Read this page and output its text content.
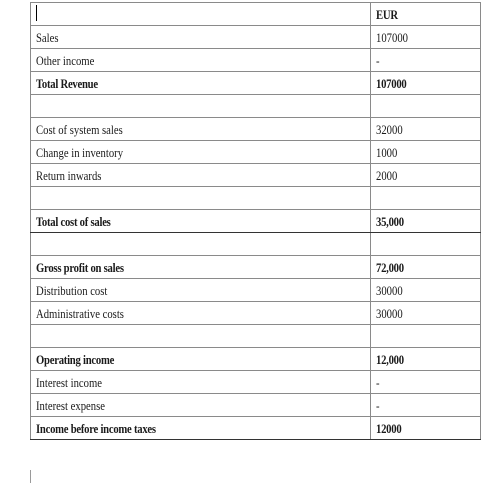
	EUR
Sales	107000
Other income	-
Total Revenue	107000

Cost of system sales	32000
Change in inventory	1000
Return inwards	2000

Total cost of sales	35,000

Gross profit on sales	72,000
Distribution cost	30000
Administrative costs	30000

Operating income	12,000
Interest income	-
Interest expense	-
Income before income taxes	12000
